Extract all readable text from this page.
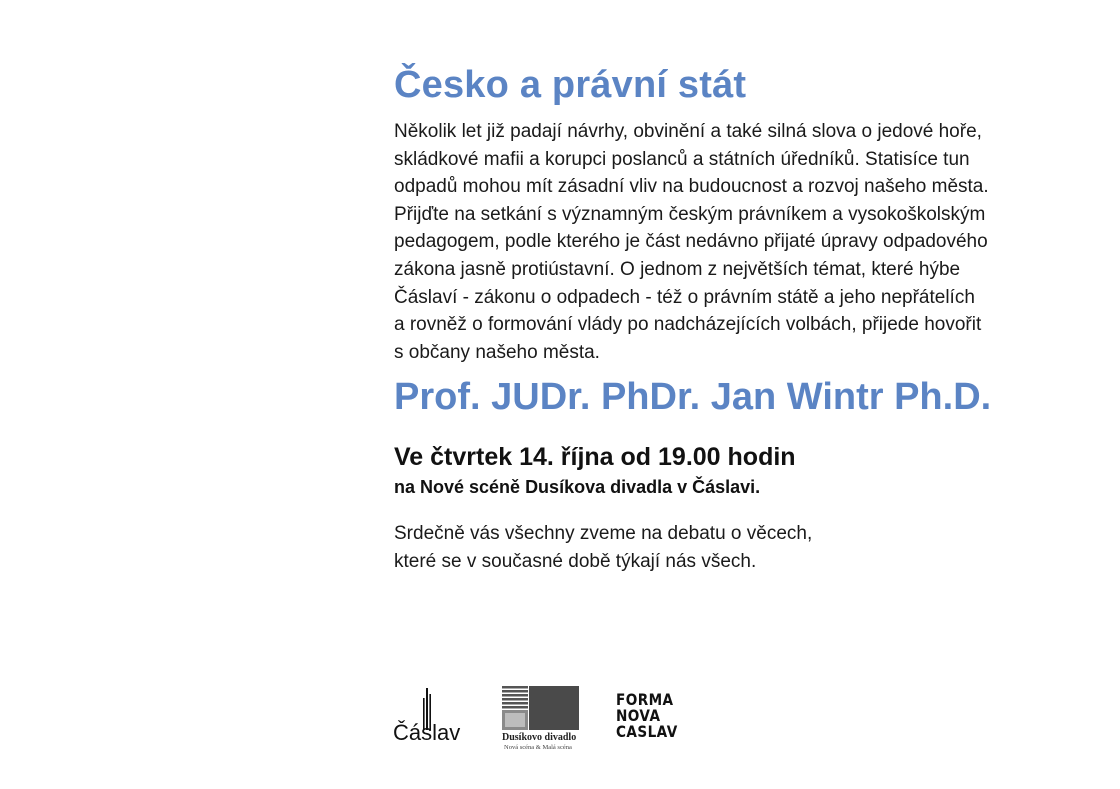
Česko a právní stát
Několik let již padají návrhy, obvinění a také silná slova o jedové hoře,
skládkové mafii a korupci poslanců a státních úředníků. Statisíce tun
odpadů mohou mít zásadní vliv na budoucnost a rozvoj našeho města.
Přijďte na setkání s významným českým právníkem a vysokoškolským
pedagogem, podle kterého je část nedávno přijaté úpravy odpadového
zákona jasně protiústavní. O jednom z největších témat, které hýbe
Čáslaví - zákonu o odpadech - též o právním státě a jeho nepřátelích
a rovněž o formování vlády po nadcházejících volbách, přijede hovořit
s občany našeho města.
Prof. JUDr. PhDr. Jan Wintr Ph.D.
Ve čtvrtek 14. října od 19.00 hodin
na Nové scéně Dusíkova divadla v Čáslavi.
Srdečně vás všechny zveme na debatu o věcech,
které se v současné době týkají nás všech.
Čáslav	Dusíkovo divadlo
Nová scéna & Malá scéna
FORMA
NOVA
CASLAV
